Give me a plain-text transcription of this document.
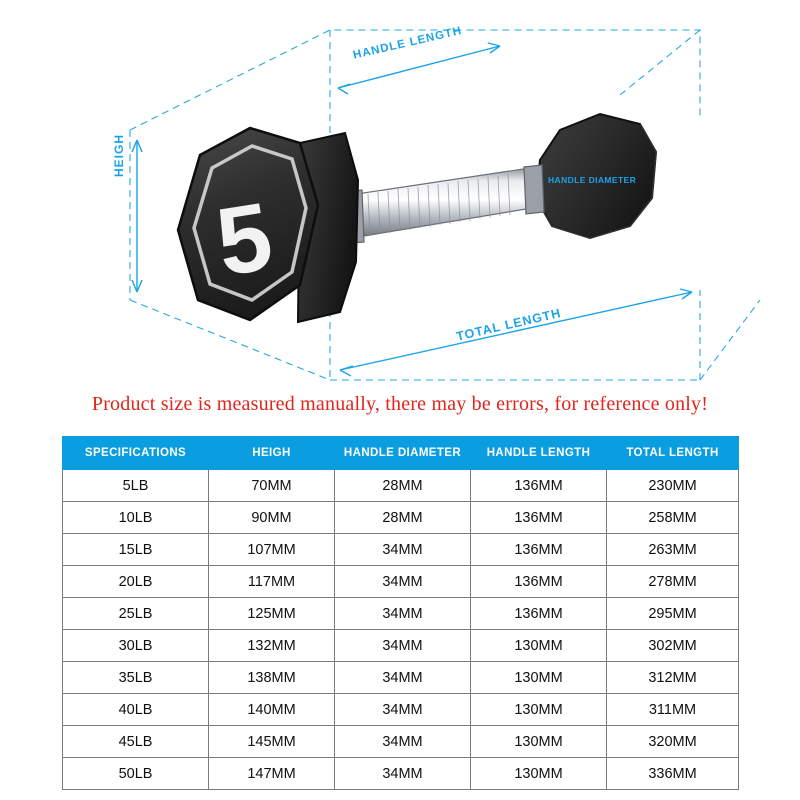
5
HANDLE LENGTH
HANDLE DIAMETER
TOTAL LENGTH
HEIGH
Product size is measured manually, there may be errors, for reference only!
SPECIFICATIONS	HEIGH	HANDLE DIAMETER	HANDLE LENGTH	TOTAL LENGTH
5LB	70MM	28MM	136MM	230MM
10LB	90MM	28MM	136MM	258MM
15LB	107MM	34MM	136MM	263MM
20LB	117MM	34MM	136MM	278MM
25LB	125MM	34MM	136MM	295MM
30LB	132MM	34MM	130MM	302MM
35LB	138MM	34MM	130MM	312MM
40LB	140MM	34MM	130MM	311MM
45LB	145MM	34MM	130MM	320MM
50LB	147MM	34MM	130MM	336MM
